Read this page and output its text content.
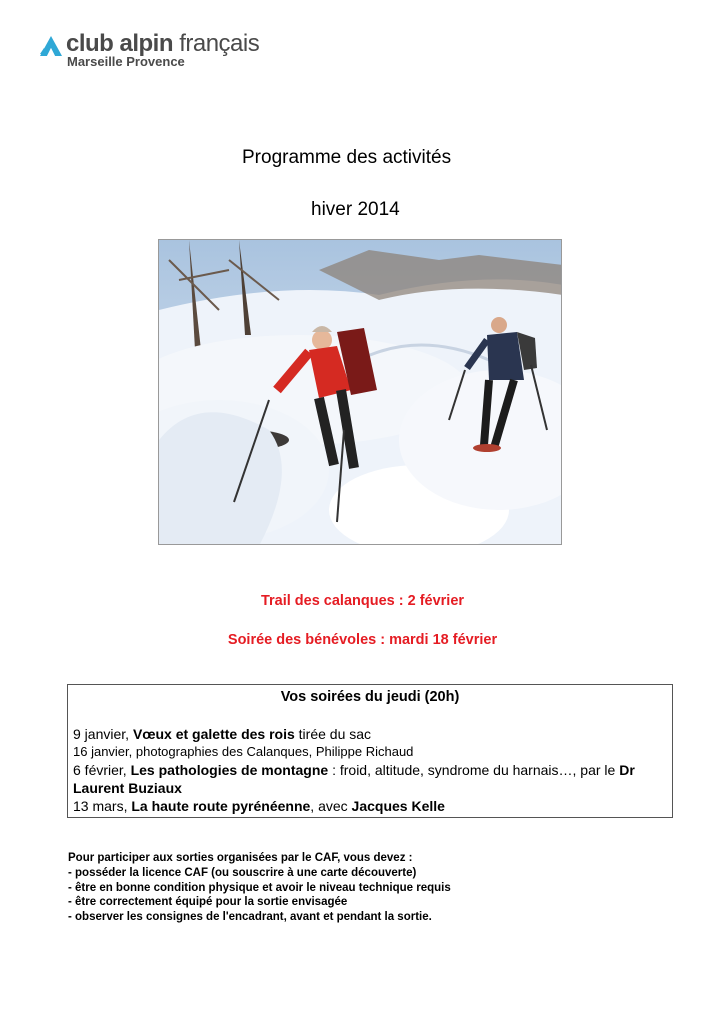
club alpin français
Marseille Provence
Programme des activités
hiver 2014
Trail des calanques : 2 février
Soirée des bénévoles : mardi 18 février
Vos soirées du jeudi (20h)
9 janvier, Vœux et galette des rois tirée du sac
16 janvier, photographies des Calanques, Philippe Richaud
6 février, Les pathologies de montagne : froid, altitude, syndrome du harnais…, par le Dr Laurent Buziaux
13 mars, La haute route pyrénéenne, avec Jacques Kelle
Pour participer aux sorties organisées par le CAF, vous devez :
- posséder la licence CAF (ou souscrire à une carte découverte)
- être en bonne condition physique et avoir le niveau technique requis
- être correctement équipé pour la sortie envisagée
- observer les consignes de l'encadrant, avant et pendant la sortie.
